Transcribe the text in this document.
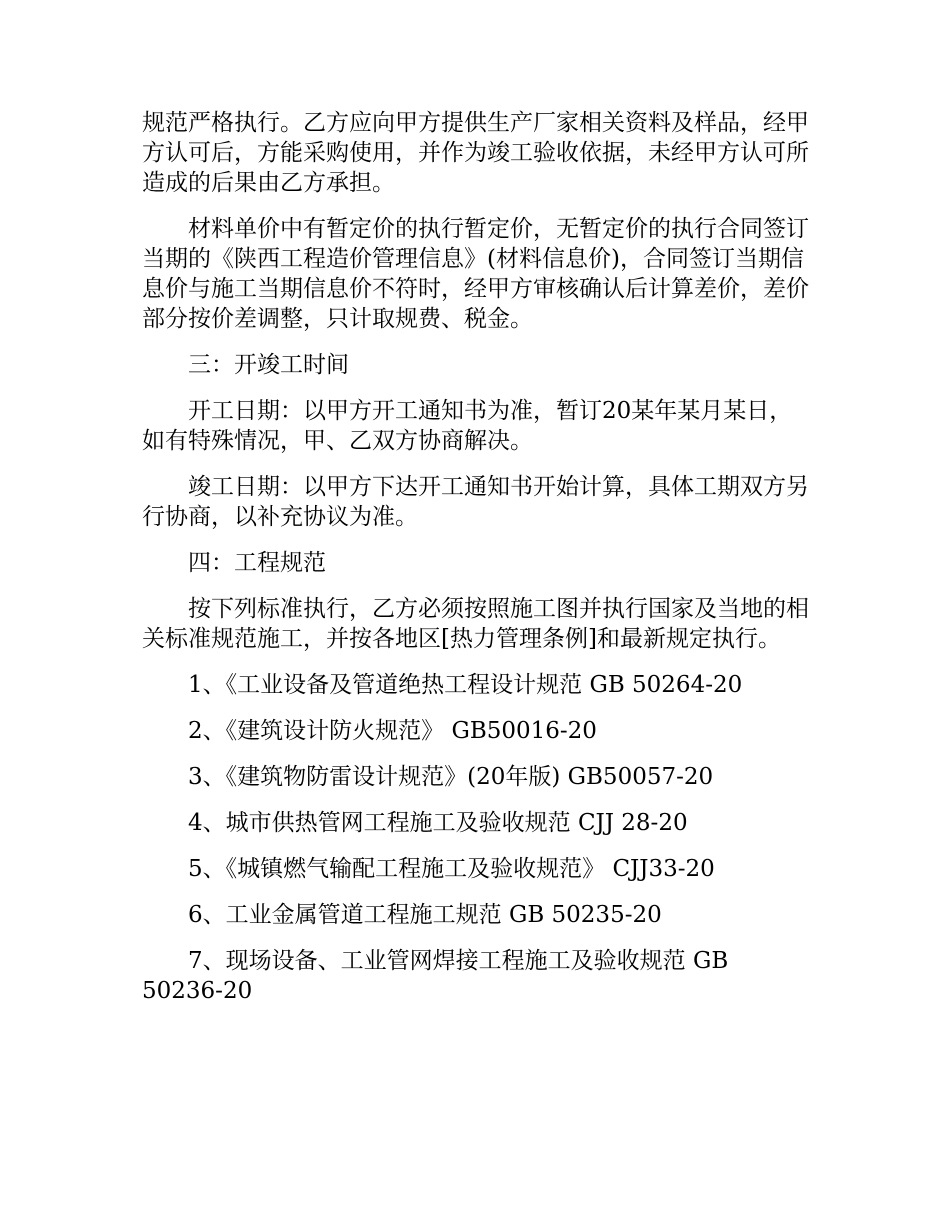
规范严格执行。乙方应向甲方提供生产厂家相关资料及样品，经甲方认可后，方能采购使用，并作为竣工验收依据，未经甲方认可所造成的后果由乙方承担。

材料单价中有暂定价的执行暂定价，无暂定价的执行合同签订当期的《陕西工程造价管理信息》(材料信息价)，合同签订当期信息价与施工当期信息价不符时，经甲方审核确认后计算差价，差价部分按价差调整，只计取规费、税金。

三：开竣工时间

开工日期：以甲方开工通知书为准，暂订20某年某月某日，如有特殊情况，甲、乙双方协商解决。

竣工日期：以甲方下达开工通知书开始计算，具体工期双方另行协商，以补充协议为准。

四：工程规范

按下列标准执行，乙方必须按照施工图并执行国家及当地的相关标准规范施工，并按各地区[热力管理条例]和最新规定执行。

1、《工业设备及管道绝热工程设计规范 GB 50264-20

2、《建筑设计防火规范》 GB50016-20

3、《建筑物防雷设计规范》(20年版) GB50057-20

4、城市供热管网工程施工及验收规范 CJJ 28-20

5、《城镇燃气输配工程施工及验收规范》 CJJ33-20

6、工业金属管道工程施工规范 GB 50235-20

7、现场设备、工业管网焊接工程施工及验收规范 GB 50236-20
